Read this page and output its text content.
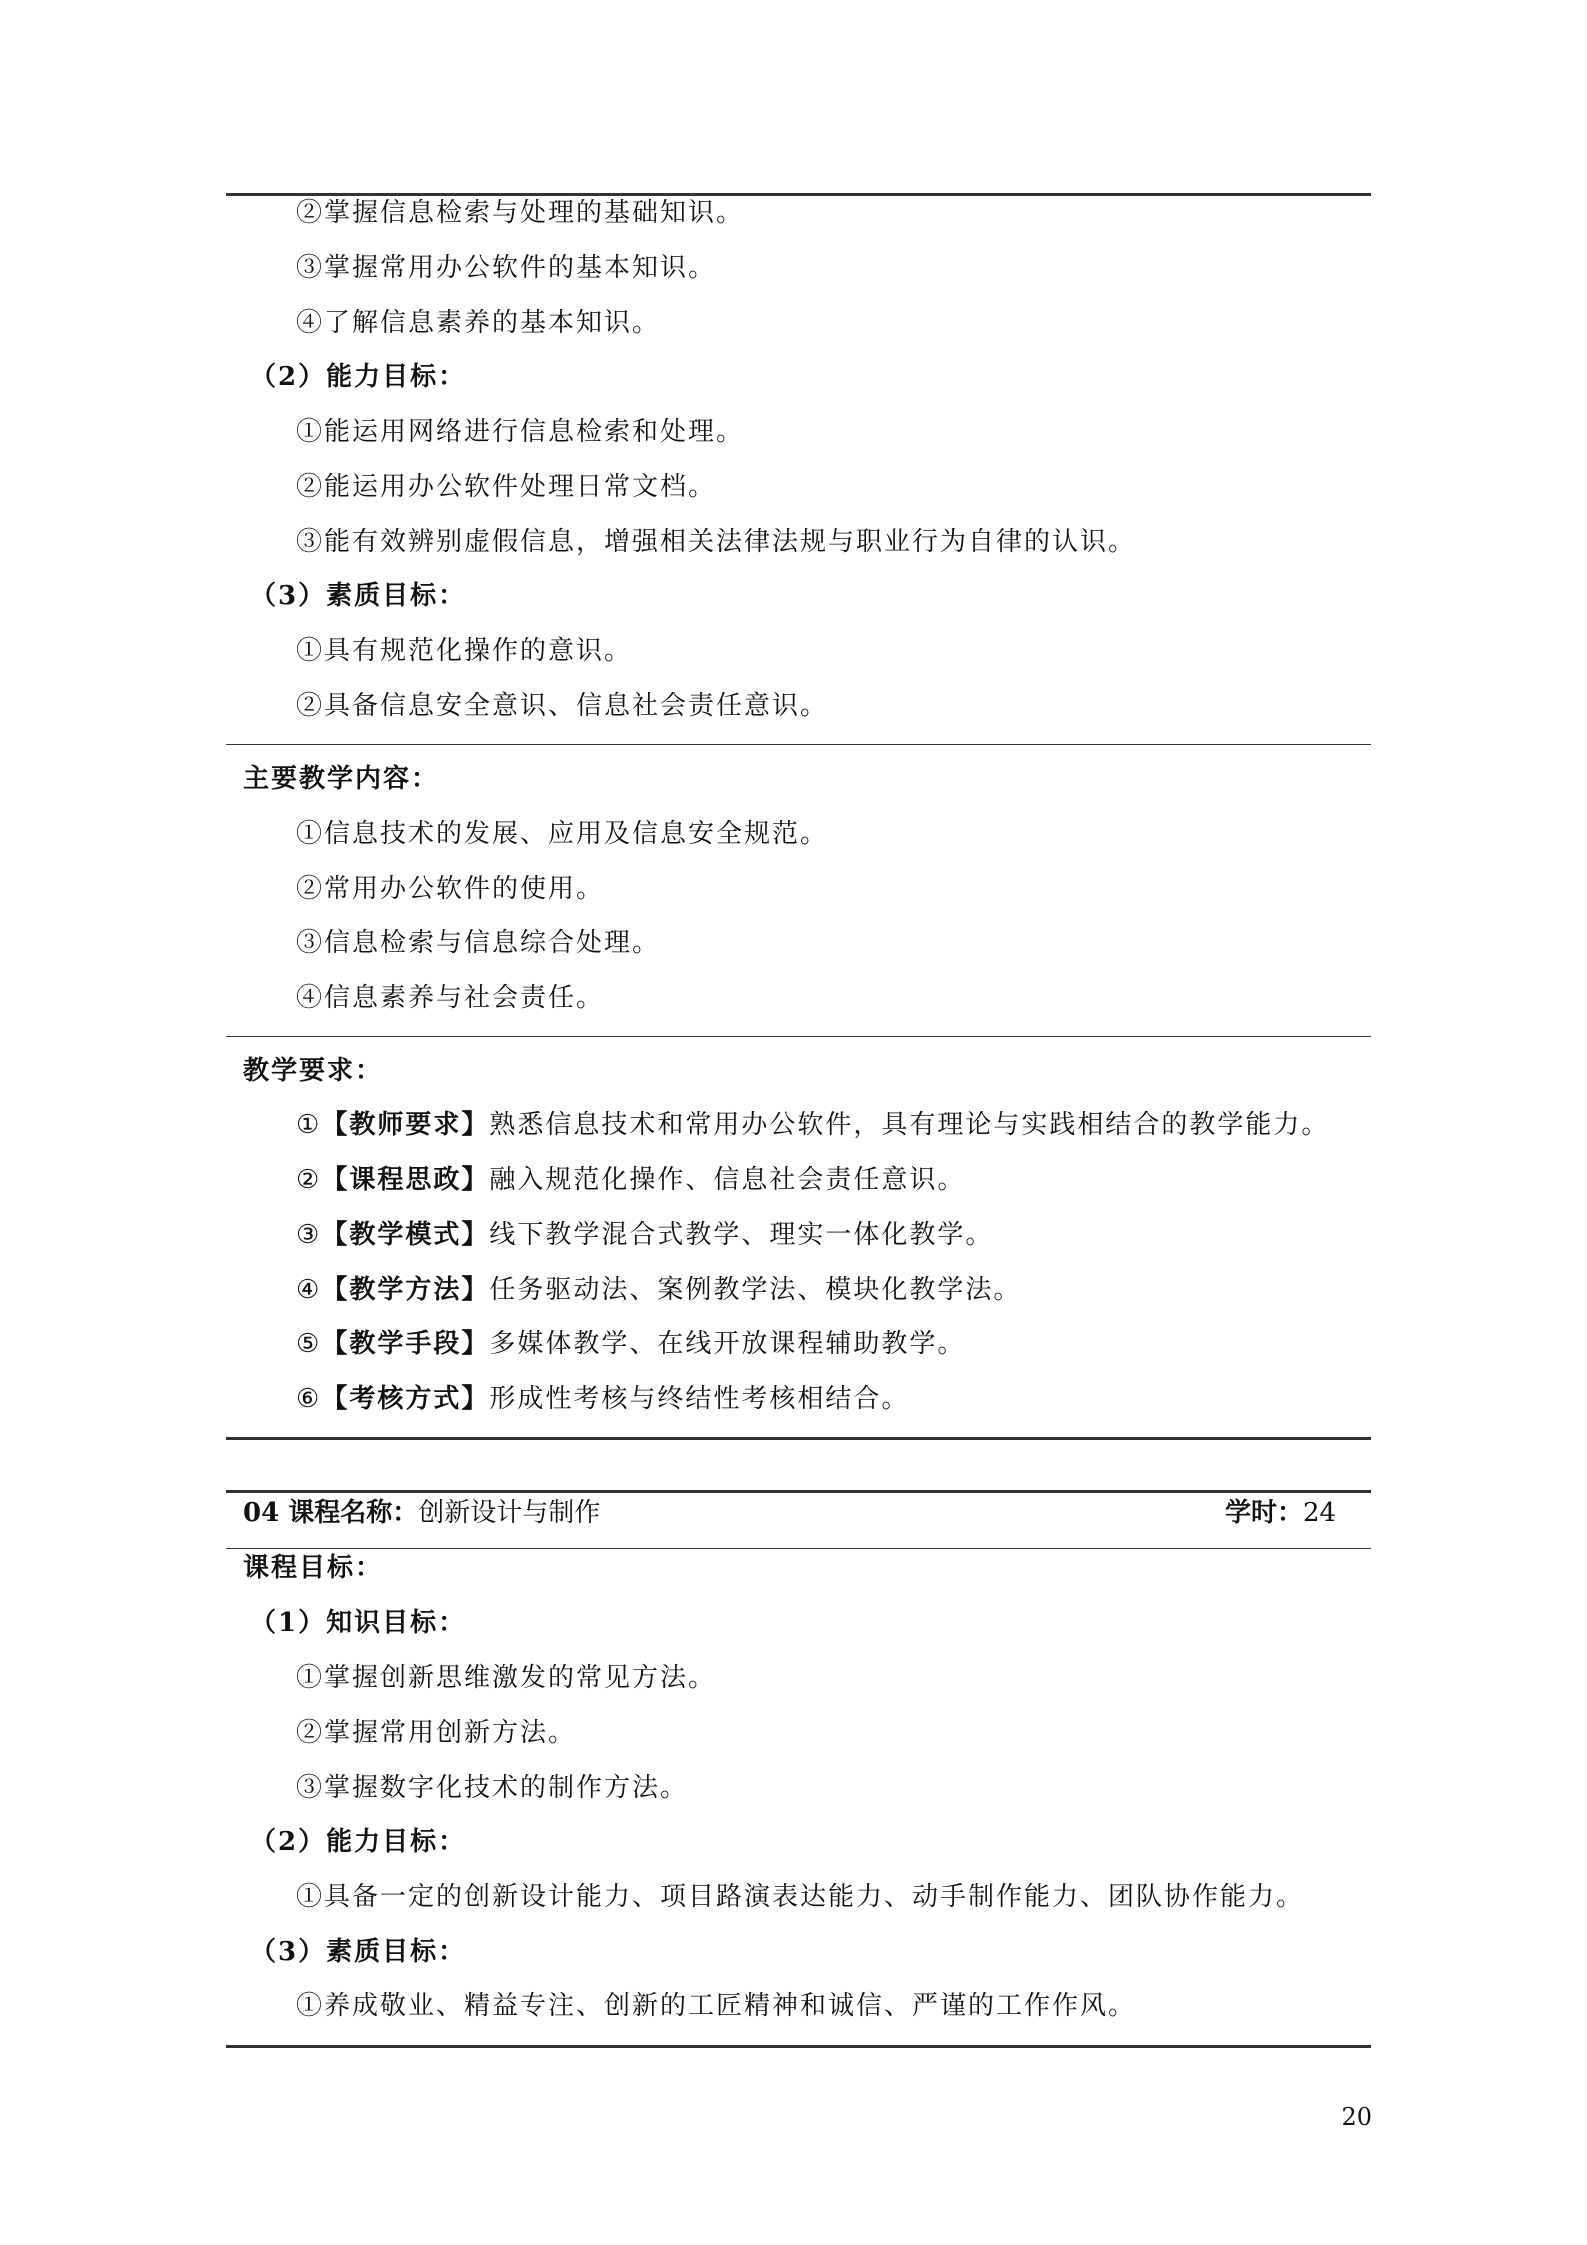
②掌握信息检索与处理的基础知识。
③掌握常用办公软件的基本知识。
④了解信息素养的基本知识。
（2）能力目标：
①能运用网络进行信息检索和处理。
②能运用办公软件处理日常文档。
③能有效辨别虚假信息，增强相关法律法规与职业行为自律的认识。
（3）素质目标：
①具有规范化操作的意识。
②具备信息安全意识、信息社会责任意识。
主要教学内容：
①信息技术的发展、应用及信息安全规范。
②常用办公软件的使用。
③信息检索与信息综合处理。
④信息素养与社会责任。
教学要求：
①【教师要求】熟悉信息技术和常用办公软件，具有理论与实践相结合的教学能力。
②【课程思政】融入规范化操作、信息社会责任意识。
③【教学模式】线下教学混合式教学、理实一体化教学。
④【教学方法】任务驱动法、案例教学法、模块化教学法。
⑤【教学手段】多媒体教学、在线开放课程辅助教学。
⑥【考核方式】形成性考核与终结性考核相结合。
04 课程名称：创新设计与制作	学时：24
课程目标：
（1）知识目标：
①掌握创新思维激发的常见方法。
②掌握常用创新方法。
③掌握数字化技术的制作方法。
（2）能力目标：
①具备一定的创新设计能力、项目路演表达能力、动手制作能力、团队协作能力。
（3）素质目标：
①养成敬业、精益专注、创新的工匠精神和诚信、严谨的工作作风。
20
